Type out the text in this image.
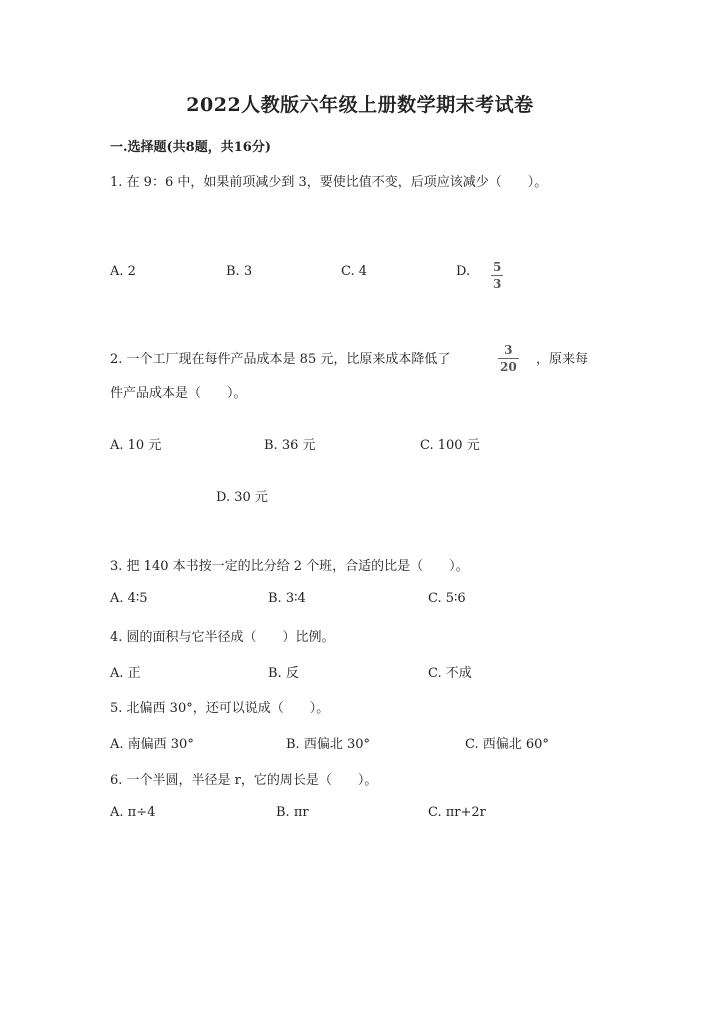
2022人教版六年级上册数学期末考试卷
一.选择题(共8题，共16分)
1. 在 9：6 中，如果前项减少到 3，要使比值不变，后项应该减少（　　）。
A. 2	B. 3	C. 4	D. 5
3
2. 一个工厂现在每件产品成本是 85 元，比原来成本降低了
3
20 ，原来每
件产品成本是（　　）。
A. 10 元	B. 36 元	C. 100 元
D. 30 元
3. 把 140 本书按一定的比分给 2 个班，合适的比是（　　）。
A. 4∶5	B. 3∶4	C. 5∶6
4. 圆的面积与它半径成（　　）比例。
A. 正	B. 反	C. 不成
5. 北偏西 30°，还可以说成（　　）。
A. 南偏西 30°	B. 西偏北 30°	C. 西偏北 60°
6. 一个半圆，半径是 r，它的周长是（　　）。
A. π÷4	B. πr	C. πr+2r
